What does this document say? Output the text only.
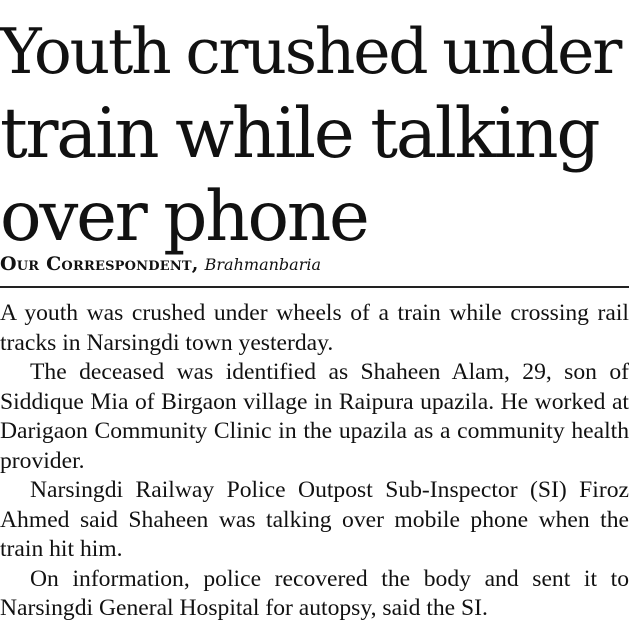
Youth crushed under
train while talking
over phone
Our Correspondent, Brahmanbaria

A youth was crushed under wheels of a train while crossing rail tracks in Narsingdi town yesterday.

The deceased was identified as Shaheen Alam, 29, son of Siddique Mia of Birgaon village in Raipura upazila. He worked at Darigaon Community Clinic in the upazila as a community health provider.

Narsingdi Railway Police Outpost Sub-Inspector (SI) Firoz Ahmed said Shaheen was talking over mobile phone when the train hit him.

On information, police recovered the body and sent it to Narsingdi General Hospital for autopsy, said the SI.
